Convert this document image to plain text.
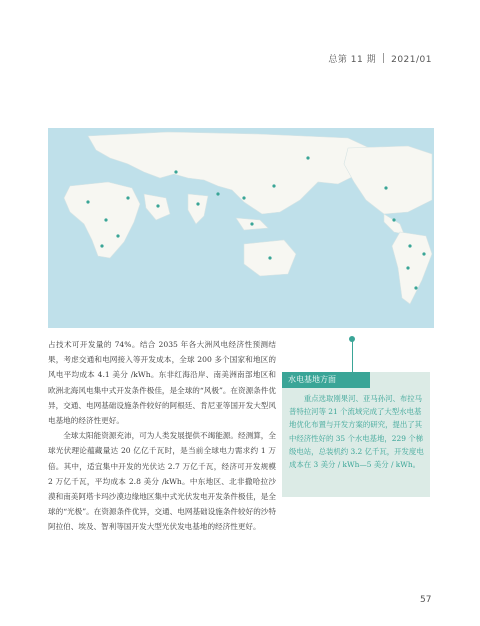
总第 11 期 2021/01

占技术可开发量的 74%。结合 2035 年各大洲风电经济性预测结果，考虑交通和电网接入等开发成本，全球 200 多个国家和地区的风电平均成本 4.1 美分 /kWh。东非红海沿岸、南美洲南部地区和欧洲北海风电集中式开发条件极佳，是全球的“风极”。在资源条件优异，交通、电网基础设施条件较好的阿根廷、肯尼亚等国开发大型风电基地的经济性更好。

全球太阳能资源充沛，可为人类发展提供不竭能源。经测算，全球光伏理论蕴藏量达 20 亿亿千瓦时，是当前全球电力需求约 1 万倍。其中，适宜集中开发的光伏达 2.7 万亿千瓦，经济可开发规模 2 万亿千瓦，平均成本 2.8 美分 /kWh。中东地区、北非撒哈拉沙漠和南美阿塔卡玛沙漠边缘地区集中式光伏发电开发条件极佳，是全球的“光极”。在资源条件优异，交通、电网基础设施条件较好的沙特阿拉伯、埃及、智利等国开发大型光伏发电基地的经济性更好。

水电基地方面
重点选取刚果河、亚马孙河、布拉马普特拉河等 21 个流域完成了大型水电基地优化布置与开发方案的研究，提出了其中经济性好的 35 个水电基地，229 个梯级电站，总装机约 3.2 亿千瓦，开发度电成本在 3 美分 / kWh—5 美分 / kWh。
57
